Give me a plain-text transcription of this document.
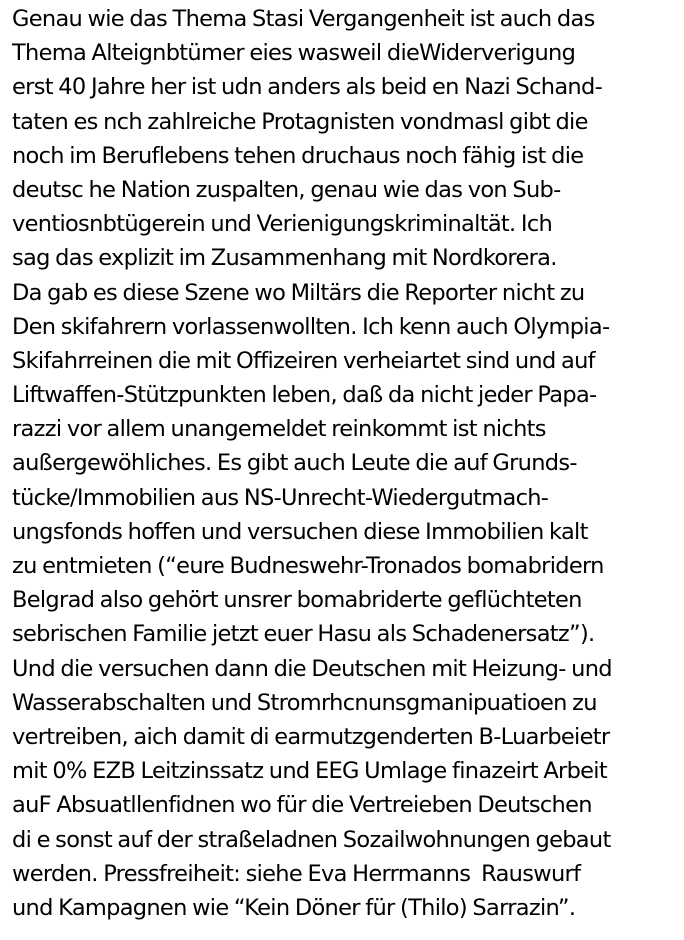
Genau wie das Thema Stasi Vergangenheit ist auch das
Thema Alteignbtümer eies wasweil dieWiderverigung
erst 40 Jahre her ist udn anders als beid en Nazi Schand-
taten es nch zahlreiche Protagnisten vondmasl gibt die
noch im Beruflebens tehen druchaus noch fähig ist die
deutsc he Nation zuspalten, genau wie das von Sub-
ventiosnbtügerein und Verienigungskriminaltät. Ich
sag das explizit im Zusammenhang mit Nordkorera.
Da gab es diese Szene wo Miltärs die Reporter nicht zu
Den skifahrern vorlassenwollten. Ich kenn auch Olympia-
Skifahrreinen die mit Offizeiren verheiartet sind und auf
Liftwaffen-Stützpunkten leben, daß da nicht jeder Papa-
razzi vor allem unangemeldet reinkommt ist nichts
außergewöhliches. Es gibt auch Leute die auf Grunds-
tücke/Immobilien aus NS-Unrecht-Wiedergutmach-
ungsfonds hoffen und versuchen diese Immobilien kalt
zu entmieten (“eure Budneswehr-Tronados bomabridern
Belgrad also gehört unsrer bomabriderte geflüchteten
sebrischen Familie jetzt euer Hasu als Schadenersatz”).
Und die versuchen dann die Deutschen mit Heizung- und
Wasserabschalten und Stromrhcnunsgmanipuatioen zu
vertreiben, aich damit di earmutzgenderten B-Luarbeietr
mit 0% EZB Leitzinssatz und EEG Umlage finazeirt Arbeit
auF Absuatllenfidnen wo für die Vertreieben Deutschen
di e sonst auf der straßeladnen Sozailwohnungen gebaut
werden. Pressfreiheit: siehe Eva Herrmanns  Rauswurf
und Kampagnen wie “Kein Döner für (Thilo) Sarrazin”.
